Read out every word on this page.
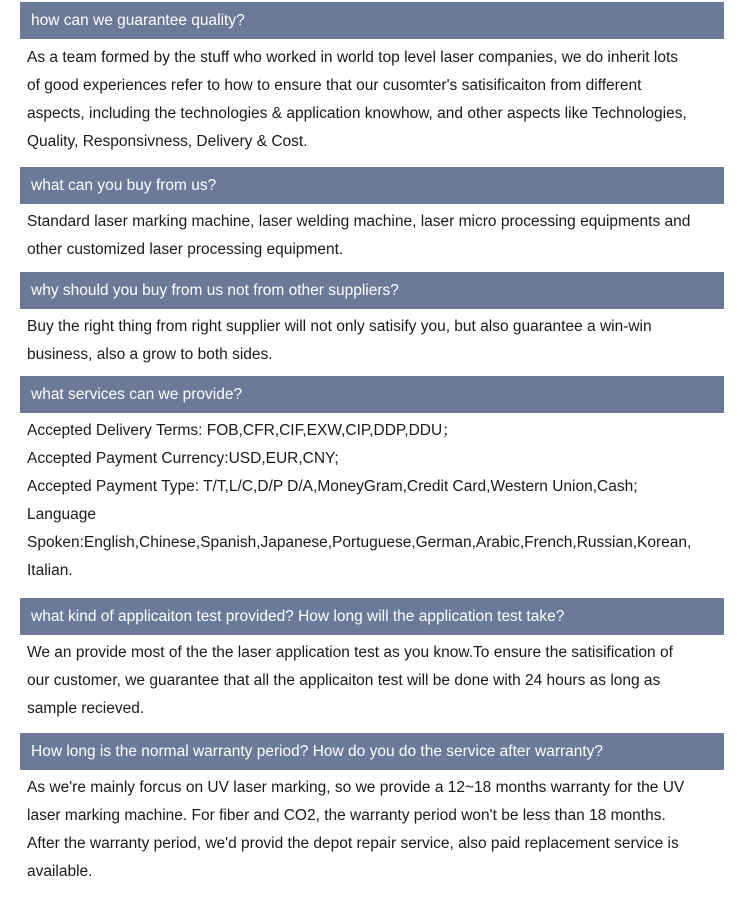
how can we guarantee quality?

As a team formed by the stuff who worked in world top level laser companies, we do inherit lots

of good experiences refer to how to ensure that our cusomter's satisificaiton from different

aspects, including the technologies & application knowhow, and other aspects like Technologies,

Quality, Responsivness, Delivery & Cost.

what can you buy from us?

Standard laser marking machine, laser welding machine, laser micro processing equipments and

other customized laser processing equipment.

why should you buy from us not from other suppliers?

Buy the right thing from right supplier will not only satisify you, but also guarantee a win-win

business, also a grow to both sides.

what services can we provide?

Accepted Delivery Terms: FOB,CFR,CIF,EXW,CIP,DDP,DDU；

Accepted Payment Currency:USD,EUR,CNY;

Accepted Payment Type: T/T,L/C,D/P D/A,MoneyGram,Credit Card,Western Union,Cash;

Language

Spoken:English,Chinese,Spanish,Japanese,Portuguese,German,Arabic,French,Russian,Korean,

Italian.

what kind of applicaiton test provided? How long will the application test take?

We an provide most of the the laser application test as you know.To ensure the satisification of

our customer, we guarantee that all the applicaiton test will be done with 24 hours as long as

sample recieved.

How long is the normal warranty period? How do you do the service after warranty?

As we're mainly forcus on UV laser marking, so we provide a 12~18 months warranty for the UV

laser marking machine. For fiber and CO2, the warranty period won't be less than 18 months.

After the warranty period, we'd provid the depot repair service, also paid replacement service is

available.
